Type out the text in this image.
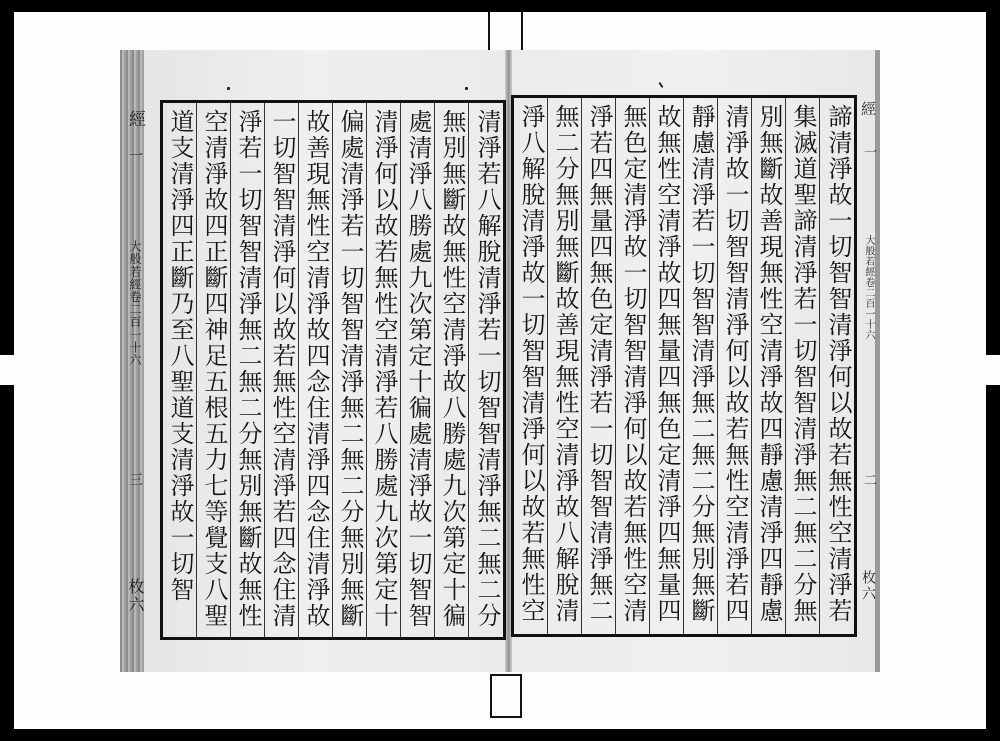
經
一
大般若經卷二百一十六
二
枚六
諦清淨故一切智智清淨何以故若無性空清淨若
集滅道聖諦清淨若一切智智清淨無二無二分無
別無斷故善現無性空清淨故四靜慮清淨四靜慮
清淨故一切智智清淨何以故若無性空清淨若四
靜慮清淨若一切智智清淨無二無二分無別無斷
故無性空清淨故四無量四無色定清淨四無量四
無色定清淨故一切智智清淨何以故若無性空清
淨若四無量四無色定清淨若一切智智清淨無二
無二分無別無斷故善現無性空清淨故八解脫清
淨八解脫清淨故一切智智清淨何以故若無性空
清淨若八解脫清淨若一切智智清淨無二無二分
無別無斷故無性空清淨故八勝處九次第定十徧
處清淨八勝處九次第定十徧處清淨故一切智智
清淨何以故若無性空清淨若八勝處九次第定十
偏處清淨若一切智智清淨無二無二分無別無斷
故善現無性空清淨故四念住清淨四念住清淨故
一切智智清淨何以故若無性空清淨若四念住清
淨若一切智智清淨無二無二分無別無斷故無性
空清淨故四正斷四神足五根五力七等覺支八聖
道支清淨四正斷乃至八聖道支清淨故一切智
經
一
大般若經卷二百一十六
三
枚六
